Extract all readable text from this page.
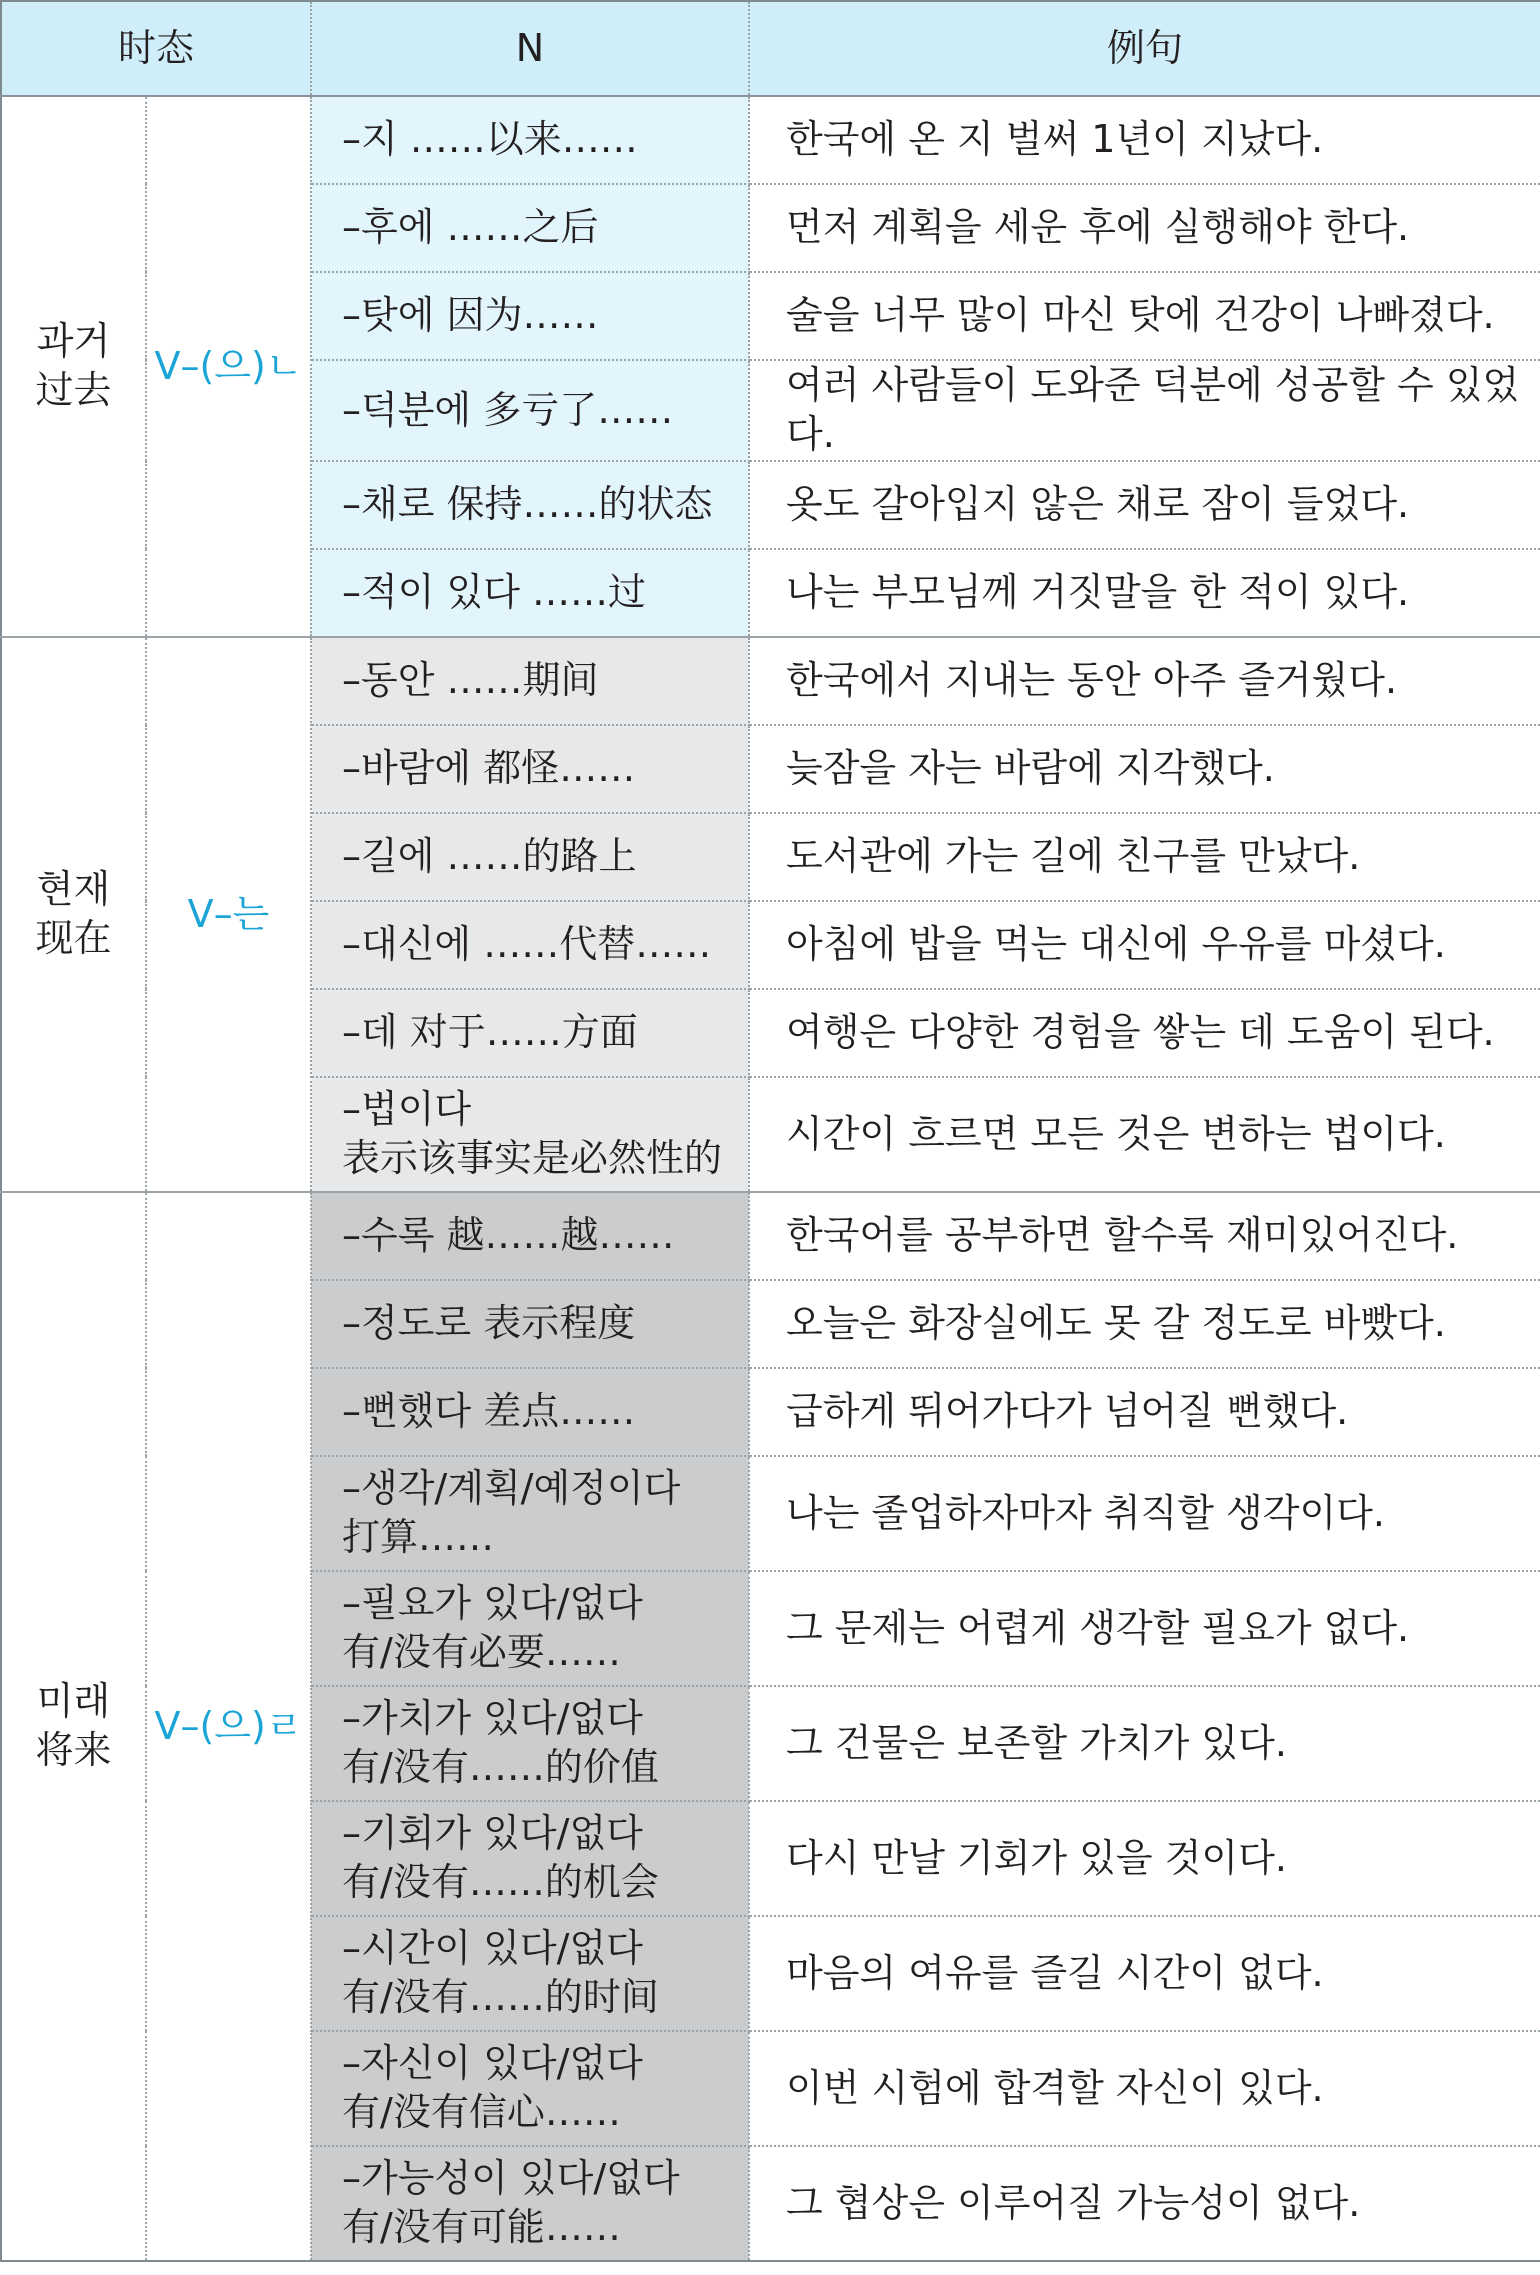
时态		N	例句

과거
过去	V–(으)ㄴ	–지 ……以来……	한국에 온 지 벌써 1년이 지났다.
		–후에 ……之后	먼저 계획을 세운 후에 실행해야 한다.
		–탓에 因为……	술을 너무 많이 마신 탓에 건강이 나빠졌다.
		–덕분에 多亏了……	여러 사람들이 도와준 덕분에 성공할 수 있었다.
		–채로 保持……的状态	옷도 갈아입지 않은 채로 잠이 들었다.
		–적이 있다 ……过	나는 부모님께 거짓말을 한 적이 있다.

현재
现在	V–는	–동안 ……期间	한국에서 지내는 동안 아주 즐거웠다.
		–바람에 都怪……	늦잠을 자는 바람에 지각했다.
		–길에 ……的路上	도서관에 가는 길에 친구를 만났다.
		–대신에 ……代替……	아침에 밥을 먹는 대신에 우유를 마셨다.
		–데 对于……方面	여행은 다양한 경험을 쌓는 데 도움이 된다.

		–법이다
表示该事实是必然性的	시간이 흐르면 모든 것은 변하는 법이다.

미래
将来	V–(으)ㄹ	–수록 越……越……	한국어를 공부하면 할수록 재미있어진다.
		–정도로 表示程度	오늘은 화장실에도 못 갈 정도로 바빴다.
		–뻔했다 差点……	급하게 뛰어가다가 넘어질 뻔했다.

		–생각/계획/예정이다
打算……	나는 졸업하자마자 취직할 생각이다.

		–필요가 있다/없다
有/没有必要……	그 문제는 어렵게 생각할 필요가 없다.

		–가치가 있다/없다
有/没有……的价值	그 건물은 보존할 가치가 있다.

		–기회가 있다/없다
有/没有……的机会	다시 만날 기회가 있을 것이다.

		–시간이 있다/없다
有/没有……的时间	마음의 여유를 즐길 시간이 없다.

		–자신이 있다/없다
有/没有信心……	이번 시험에 합격할 자신이 있다.

		–가능성이 있다/없다
有/没有可能……	그 협상은 이루어질 가능성이 없다.
